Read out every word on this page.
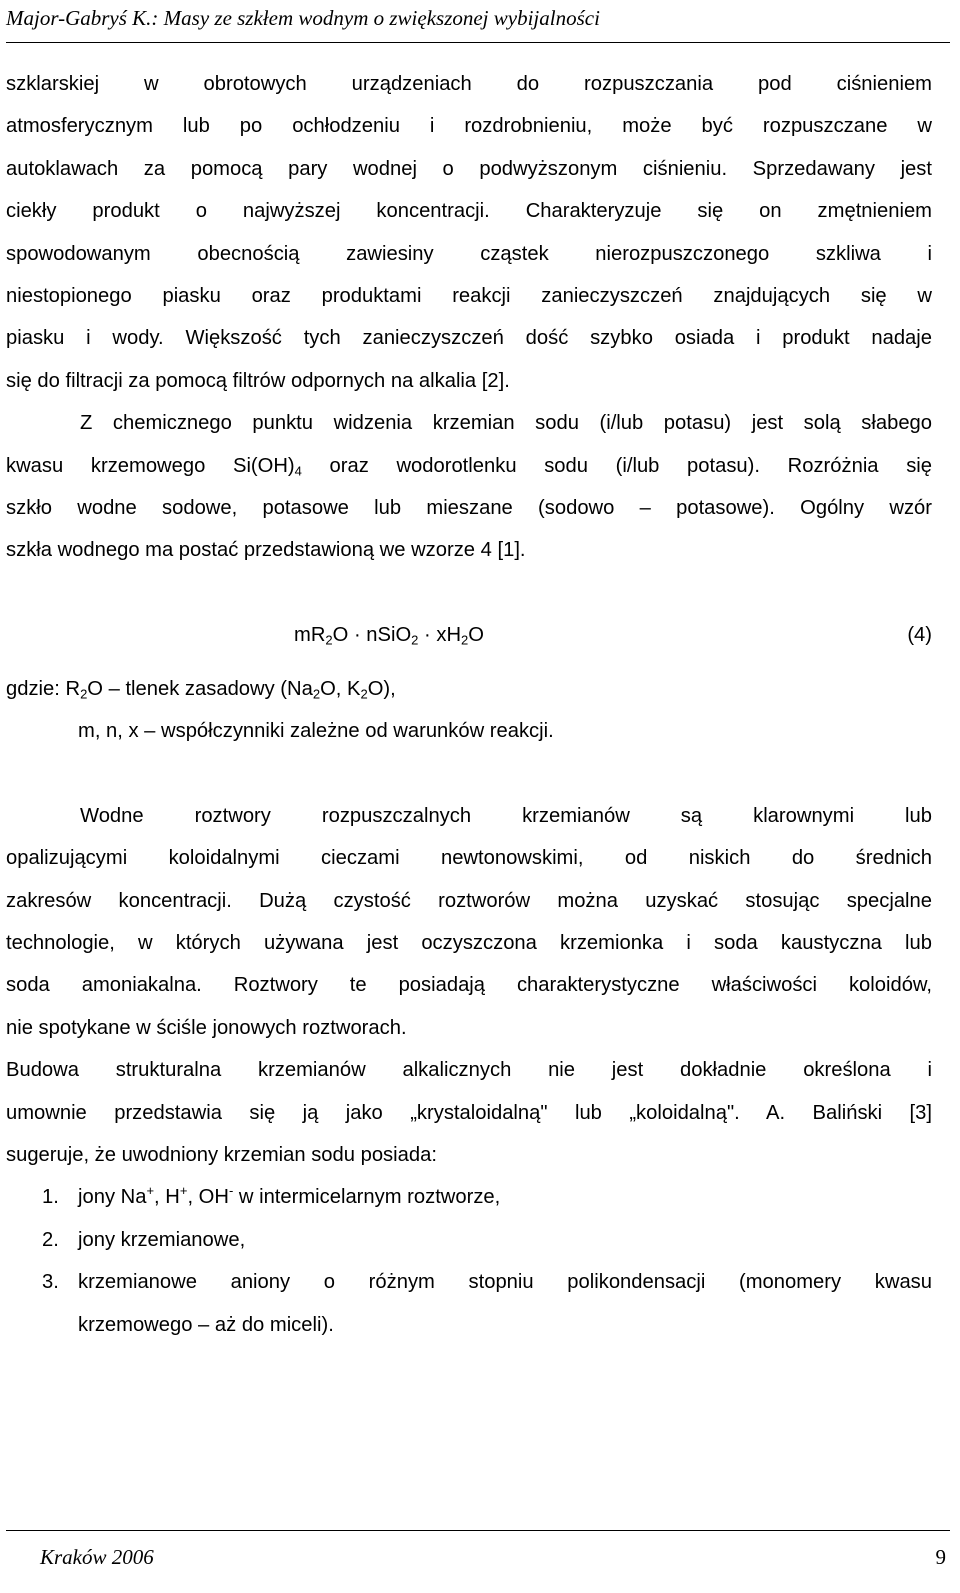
Major-Gabryś K.: Masy ze szkłem wodnym o zwiększonej wybijalności

szklarskiej w obrotowych urządzeniach do rozpuszczania pod ciśnieniem

atmosferycznym lub po ochłodzeniu i rozdrobnieniu, może być rozpuszczane w

autoklawach za pomocą pary wodnej o podwyższonym ciśnieniu. Sprzedawany jest

ciekły produkt o najwyższej koncentracji. Charakteryzuje się on zmętnieniem

spowodowanym obecnością zawiesiny cząstek nierozpuszczonego szkliwa i

niestopionego piasku oraz produktami reakcji zanieczyszczeń znajdujących się w

piasku i wody. Większość tych zanieczyszczeń dość szybko osiada i produkt nadaje

się do filtracji za pomocą filtrów odpornych na alkalia [2].

Z chemicznego punktu widzenia krzemian sodu (i/lub potasu) jest solą słabego

kwasu krzemowego $Si(OH)_4$ oraz wodorotlenku sodu (i/lub potasu). Rozróżnia się

szkło wodne sodowe, potasowe lub mieszane (sodowo – potasowe). Ogólny wzór

szkła wodnego ma postać przedstawioną we wzorze 4 [1].

$mR_2O$ · nSiO$_2$ · $xH_2O$	(4)

gdzie: $R_2O$ – tlenek zasadowy ($Na_2O$, $K_2O$),

m, n, x – współczynniki zależne od warunków reakcji.

Wodne roztwory rozpuszczalnych krzemianów są klarownymi lub

opalizującymi koloidalnymi cieczami newtonowskimi, od niskich do średnich

zakresów koncentracji. Dużą czystość roztworów można uzyskać stosując specjalne

technologie, w których używana jest oczyszczona krzemionka i soda kaustyczna lub

soda amoniakalna. Roztwory te posiadają charakterystyczne właściwości koloidów,

nie spotykane w ściśle jonowych roztworach.

Budowa strukturalna krzemianów alkalicznych nie jest dokładnie określona i

umownie przedstawia się ją jako „krystaloidalną" lub „koloidalną". A. Baliński [3]

sugeruje, że uwodniony krzemian sodu posiada:

1. jony Na+, H+, OH- w intermicelarnym roztworze,
2. jony krzemianowe,
3. krzemianowe aniony o różnym stopniu polikondensacji (monomery kwasu

krzemowego – aż do miceli).

Kraków 2006	9
